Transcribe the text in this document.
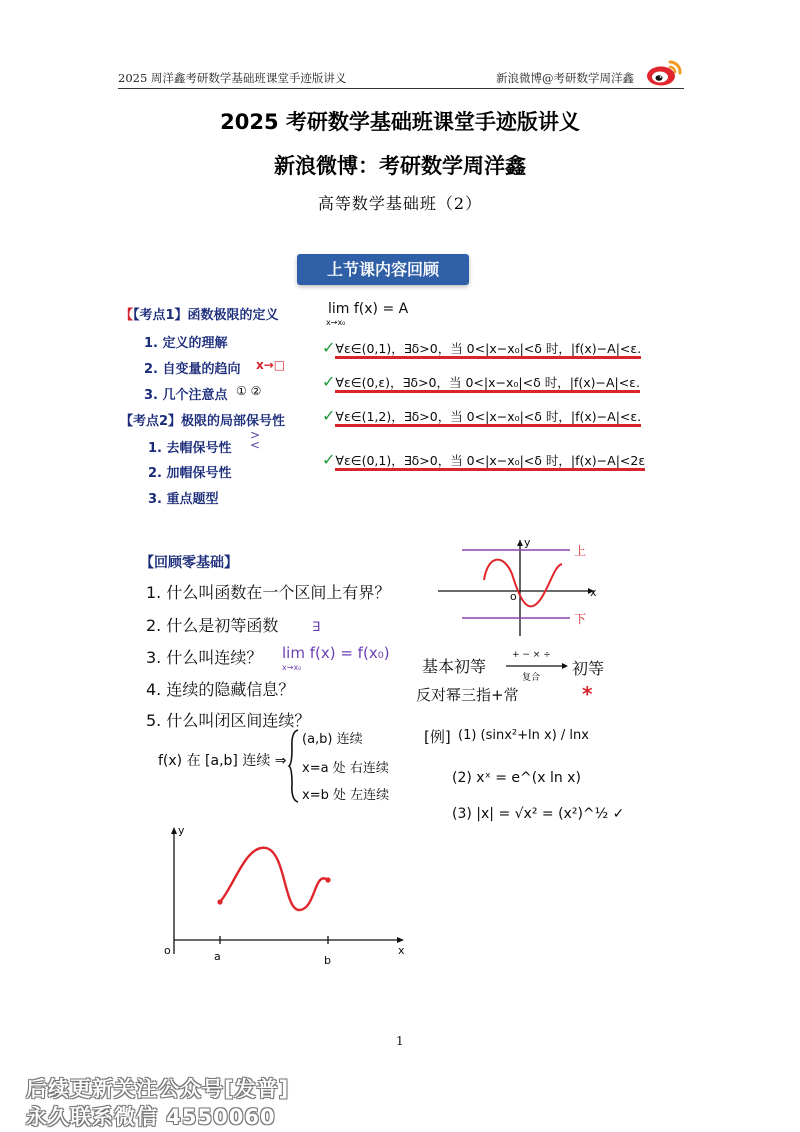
2025 周洋鑫考研数学基础班课堂手迹版讲义	新浪微博@考研数学周洋鑫
2025 考研数学基础班课堂手迹版讲义
新浪微博：考研数学周洋鑫
高等数学基础班（2）
上节课内容回顾
【【考点1】函数极限的定义
1. 定义的理解
2. 自变量的趋向
3. 几个注意点
【考点2】极限的局部保号性
1. 去帽保号性
2. 加帽保号性
3. 重点题型
x→□
① ②
>
<
lim f(x) = A
x→x₀
✓∀ε∈(0,1)，∃δ>0，当 0<|x−x₀|<δ 时，|f(x)−A|<ε.
✓∀ε∈(0,ε)，∃δ>0，当 0<|x−x₀|<δ 时，|f(x)−A|<ε.
✓∀ε∈(1,2)，∃δ>0，当 0<|x−x₀|<δ 时，|f(x)−A|<ε.
✓∀ε∈(0,1)，∃δ>0，当 0<|x−x₀|<δ 时，|f(x)−A|<2ε
【回顾零基础】
1. 什么叫函数在一个区间上有界？
2. 什么是初等函数
3. 什么叫连续？
4. 连续的隐藏信息？
5. 什么叫闭区间连续？
∃
lim f(x) = f(x₀)
x→x₀
f(x) 在 [a,b] 连续 ⇒
(a,b) 连续
x=a 处 右连续
x=b 处 左连续
x
y
o
上
下
基本初等
+ − × ÷
复合 初等
反对幂三指+常	*
[例] (1) (sinx²+ln x) / lnx
(2) xˣ = e^(x ln x)
(3) |x| = √x² = (x²)^½ ✓
o	a	b
x
y
1
后续更新关注公众号[发普]
永久联系微信 4550060
